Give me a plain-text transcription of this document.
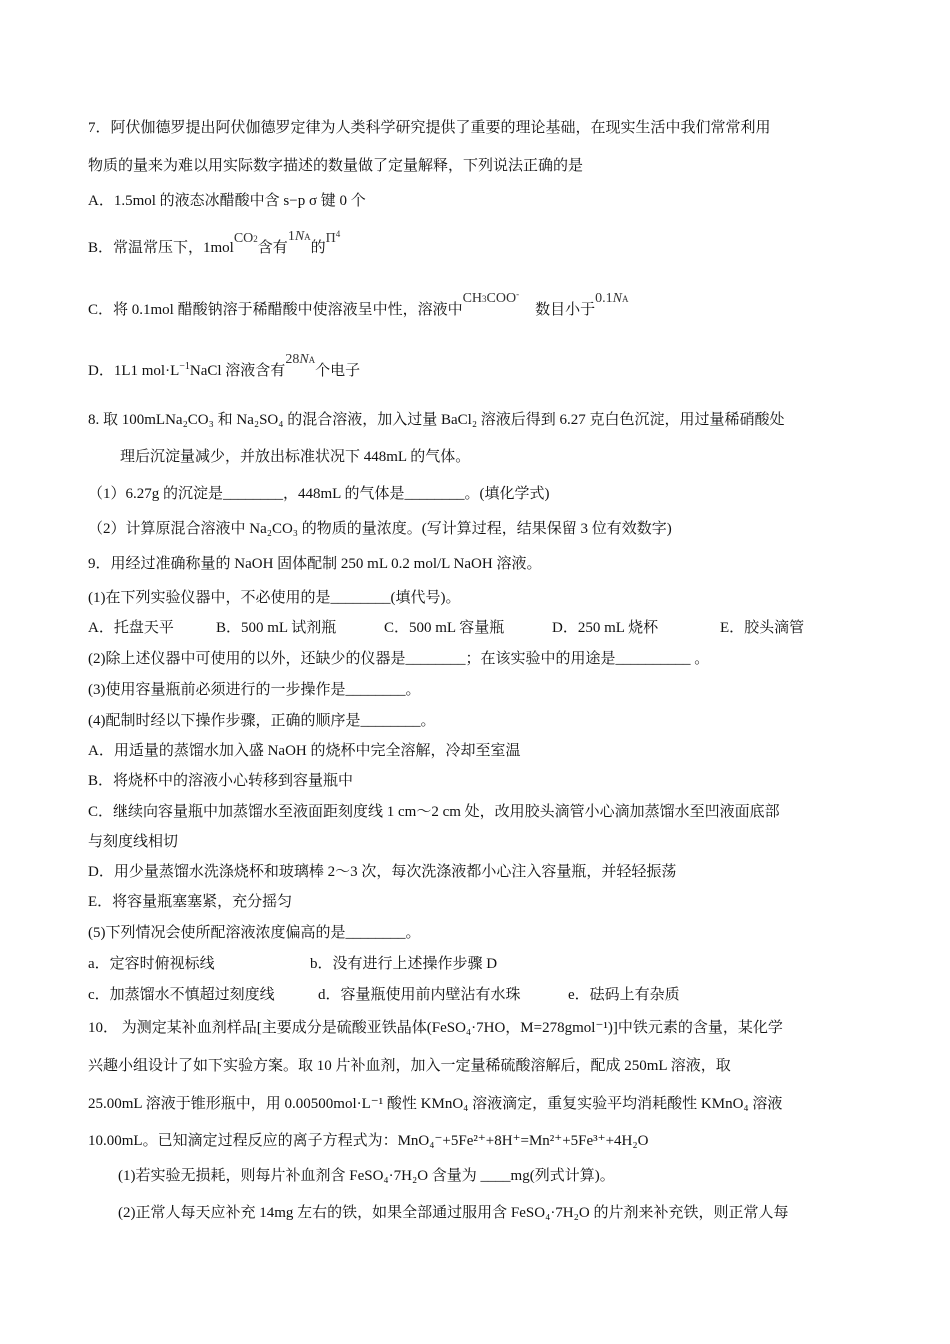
7．阿伏伽德罗提出阿伏伽德罗定律为人类科学研究提供了重要的理论基础，在现实生活中我们常常利用
物质的量来为难以用实际数字描述的数量做了定量解释，下列说法正确的是
A．1.5mol 的液态冰醋酸中含 s−p σ 键 0 个
B．常温常压下，1molCO2含有1NA的$\Pi^4$
C．将 0.1mol 醋酸钠溶于稀醋酸中使溶液呈中性，溶液中CH3COO-数目小于0.1NA
D．1L1 $mol\cdot L^{-1}NaCl$ 溶液含有28NA个电子
8. 取 100mLNa₂CO₃ 和 Na₂SO₄ 的混合溶液，加入过量 BaCl₂ 溶液后得到 6.27 克白色沉淀，用过量稀硝酸处
理后沉淀量减少，并放出标准状况下 448mL 的气体。
（1）6.27g 的沉淀是________，448mL 的气体是________。(填化学式)
（2）计算原混合溶液中 Na₂CO₃ 的物质的量浓度。(写计算过程，结果保留 3 位有效数字)
9．用经过准确称量的 NaOH 固体配制 250 mL 0.2 mol/L NaOH 溶液。
(1)在下列实验仪器中，不必使用的是________(填代号)。
A．托盘天平	B．500 mL 试剂瓶	C．500 mL 容量瓶	D．250 mL 烧杯	E．胶头滴管
(2)除上述仪器中可使用的以外，还缺少的仪器是________；在该实验中的用途是__________ 。
(3)使用容量瓶前必须进行的一步操作是________。
(4)配制时经以下操作步骤，正确的顺序是________。
A．用适量的蒸馏水加入盛 NaOH 的烧杯中完全溶解，冷却至室温
B．将烧杯中的溶液小心转移到容量瓶中
C．继续向容量瓶中加蒸馏水至液面距刻度线 1 cm～2 cm 处，改用胶头滴管小心滴加蒸馏水至凹液面底部
与刻度线相切
D．用少量蒸馏水洗涤烧杯和玻璃棒 2～3 次，每次洗涤液都小心注入容量瓶，并轻轻振荡
E．将容量瓶塞塞紧，充分摇匀
(5)下列情况会使所配溶液浓度偏高的是________。
a．定容时俯视标线	b．没有进行上述操作步骤 D
c．加蒸馏水不慎超过刻度线	d．容量瓶使用前内壁沾有水珠	e．砝码上有杂质
10． 为测定某补血剂样品[主要成分是硫酸亚铁晶体(FeSO₄·7HO，M=278gmol⁻¹)]中铁元素的含量，某化学
兴趣小组设计了如下实验方案。取 10 片补血剂，加入一定量稀硫酸溶解后，配成 250mL 溶液，取
25.00mL 溶液于锥形瓶中，用 0.00500mol·L⁻¹ 酸性 KMnO₄ 溶液滴定，重复实验平均消耗酸性 KMnO₄ 溶液
10.00mL。已知滴定过程反应的离子方程式为：MnO₄⁻+5Fe²⁺+8H⁺=Mn²⁺+5Fe³⁺+4H₂O
(1)若实验无损耗，则每片补血剂含 FeSO₄·7H₂O 含量为 ____mg(列式计算)。
(2)正常人每天应补充 14mg 左右的铁，如果全部通过服用含 FeSO₄·7H₂O 的片剂来补充铁，则正常人每
